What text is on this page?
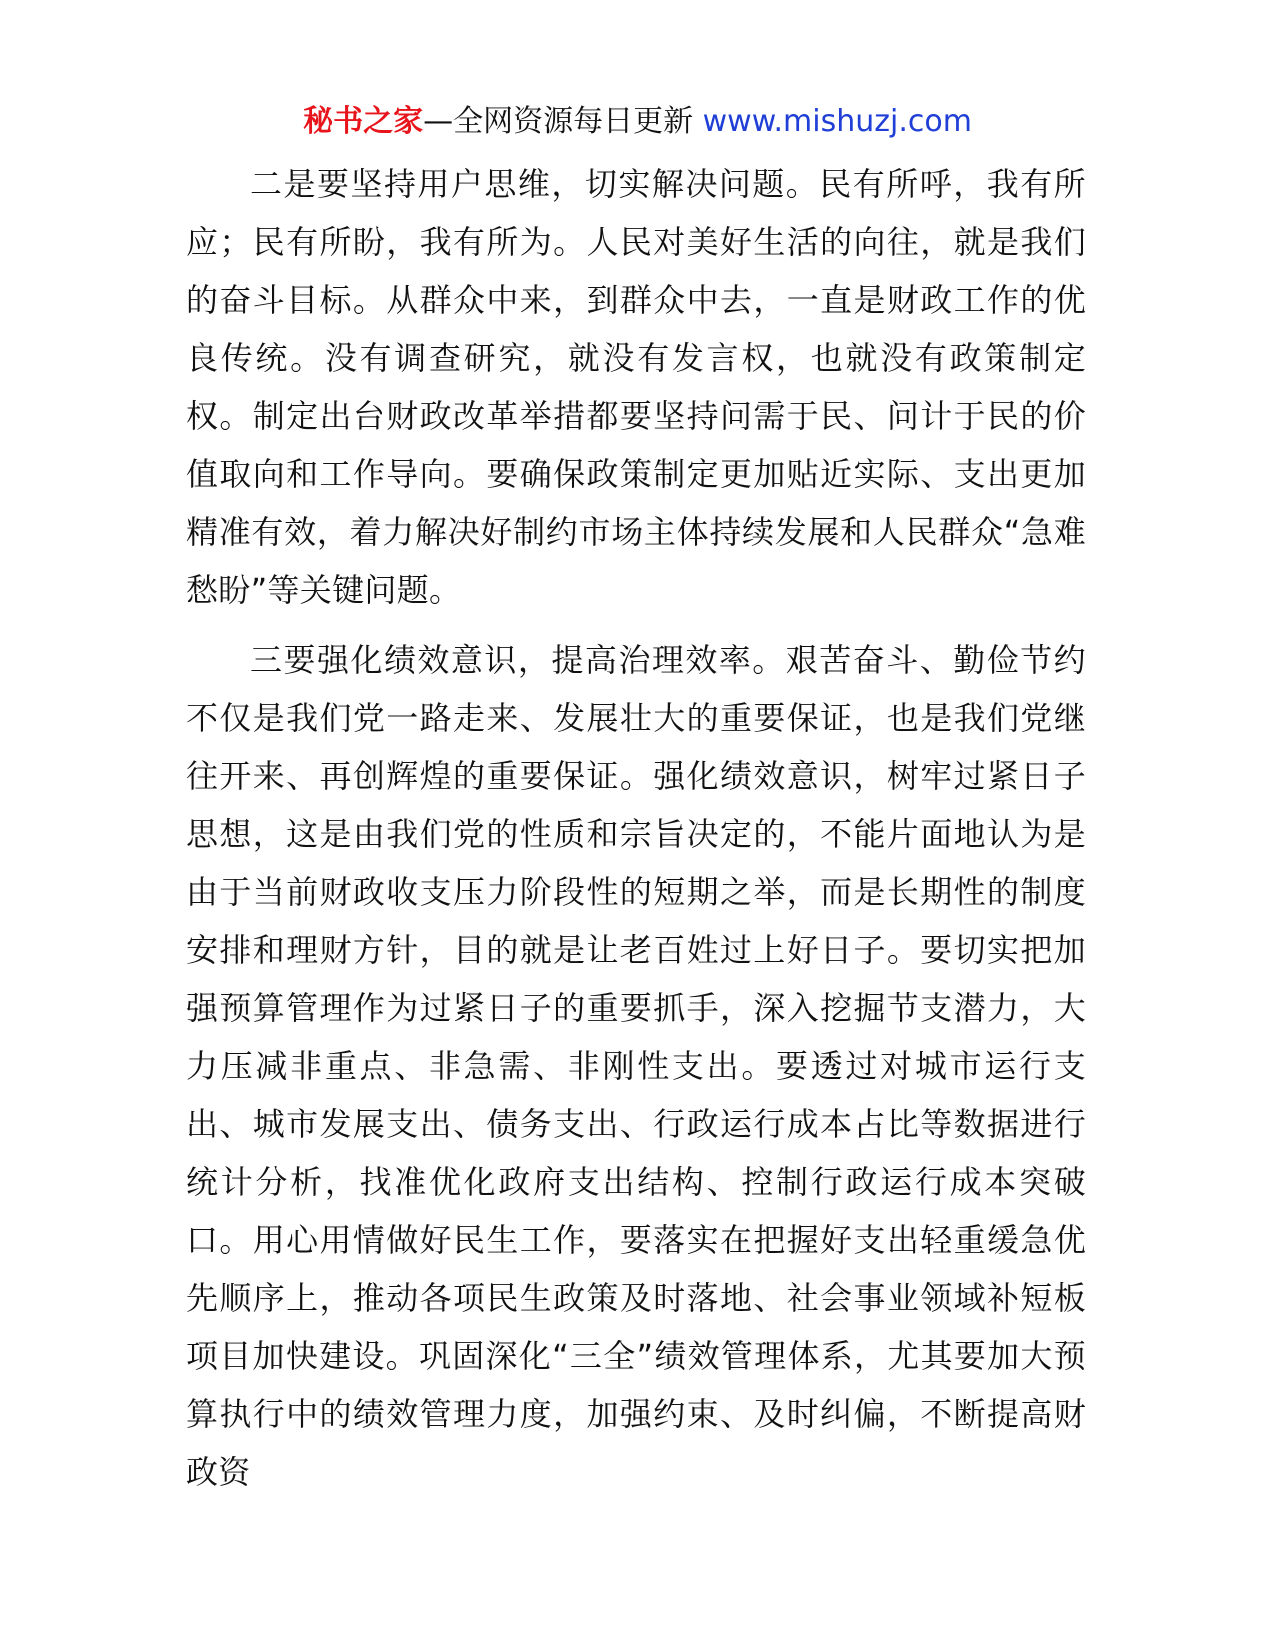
秘书之家—全网资源每日更新 www.mishuzj.com

二是要坚持用户思维，切实解决问题。民有所呼，我有所应；民有所盼，我有所为。人民对美好生活的向往，就是我们的奋斗目标。从群众中来，到群众中去，一直是财政工作的优良传统。没有调查研究，就没有发言权，也就没有政策制定权。制定出台财政改革举措都要坚持问需于民、问计于民的价值取向和工作导向。要确保政策制定更加贴近实际、支出更加精准有效，着力解决好制约市场主体持续发展和人民群众“急难愁盼”等关键问题。

三要强化绩效意识，提高治理效率。艰苦奋斗、勤俭节约不仅是我们党一路走来、发展壮大的重要保证，也是我们党继往开来、再创辉煌的重要保证。强化绩效意识，树牢过紧日子思想，这是由我们党的性质和宗旨决定的，不能片面地认为是由于当前财政收支压力阶段性的短期之举，而是长期性的制度安排和理财方针，目的就是让老百姓过上好日子。要切实把加强预算管理作为过紧日子的重要抓手，深入挖掘节支潜力，大力压减非重点、非急需、非刚性支出。要透过对城市运行支出、城市发展支出、债务支出、行政运行成本占比等数据进行统计分析，找准优化政府支出结构、控制行政运行成本突破口。用心用情做好民生工作，要落实在把握好支出轻重缓急优先顺序上，推动各项民生政策及时落地、社会事业领域补短板项目加快建设。巩固深化“三全”绩效管理体系，尤其要加大预算执行中的绩效管理力度，加强约束、及时纠偏，不断提高财政资
